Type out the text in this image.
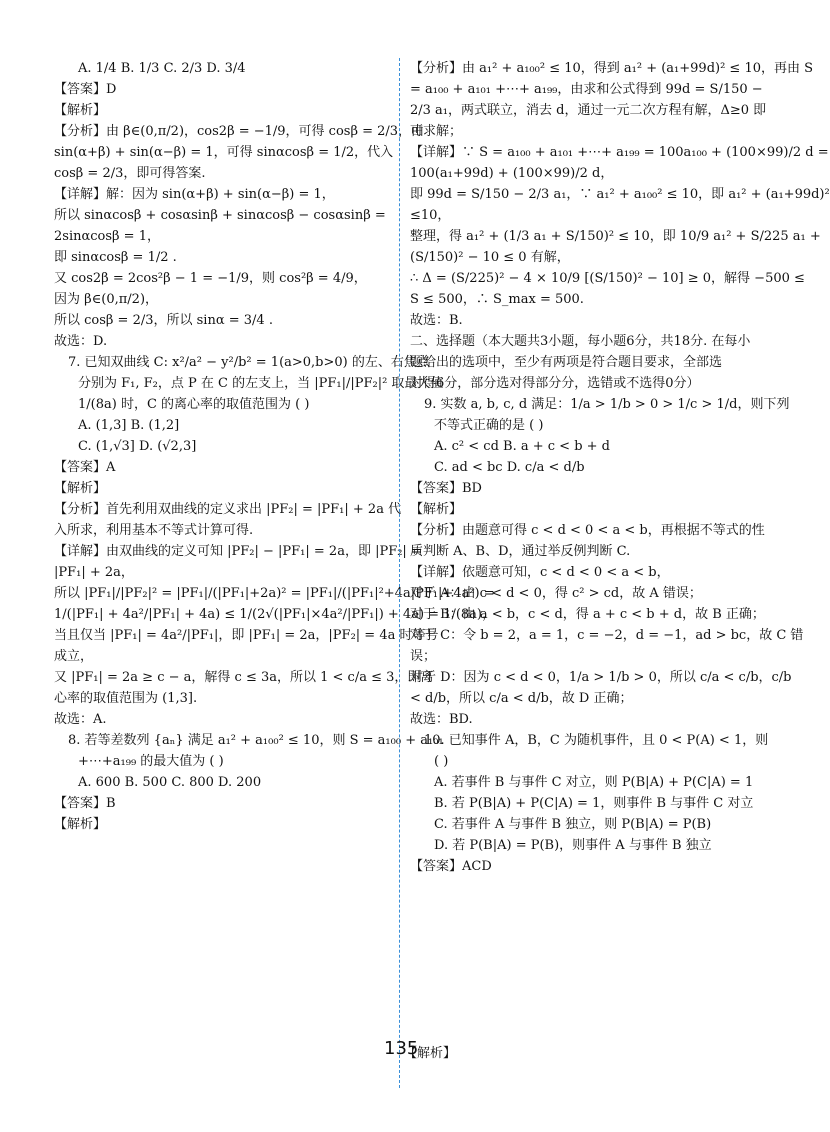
A. 1/4 B. 1/3 C. 2/3 D. 3/4
【答案】D
【解析】
【分析】由 β∈(0,π/2)，cos2β = −1/9，可得 cosβ = 2/3，由
sin(α+β) + sin(α−β) = 1，可得 sinαcosβ = 1/2，代入
cosβ = 2/3，即可得答案.
【详解】解：因为 sin(α+β) + sin(α−β) = 1，
所以 sinαcosβ + cosαsinβ + sinαcosβ − cosαsinβ =
2sinαcosβ = 1，
即 sinαcosβ = 1/2 .
又 cos2β = 2cos²β − 1 = −1/9，则 cos²β = 4/9，
因为 β∈(0,π/2)，
所以 cosβ = 2/3，所以 sinα = 3/4 .
故选：D.
7. 已知双曲线 C: x²/a² − y²/b² = 1(a>0,b>0) 的左、右焦点
分别为 F₁, F₂，点 P 在 C 的左支上，当 |PF₁|/|PF₂|² 取最大值
1/(8a) 时，C 的离心率的取值范围为 ( )
A. (1,3] B. (1,2]
C. (1,√3] D. (√2,3]
【答案】A
【解析】
【分析】首先利用双曲线的定义求出 |PF₂| = |PF₁| + 2a 代
入所求，利用基本不等式计算可得.
【详解】由双曲线的定义可知 |PF₂| − |PF₁| = 2a，即 |PF₂| =
|PF₁| + 2a，
所以 |PF₁|/|PF₂|² = |PF₁|/(|PF₁|+2a)² = |PF₁|/(|PF₁|²+4a|PF₁|+4a²) =
1/(|PF₁| + 4a²/|PF₁| + 4a) ≤ 1/(2√(|PF₁|×4a²/|PF₁|) + 4a) = 1/(8a)，
当且仅当 |PF₁| = 4a²/|PF₁|，即 |PF₁| = 2a，|PF₂| = 4a 时等号
成立，
又 |PF₁| = 2a ≥ c − a，解得 c ≤ 3a，所以 1 < c/a ≤ 3，即离
心率的取值范围为 (1,3].
故选：A.
8. 若等差数列 {aₙ} 满足 a₁² + a₁₀₀² ≤ 10，则 S = a₁₀₀ + a₁₀₁
+⋯+a₁₉₉ 的最大值为 ( )
A. 600 B. 500 C. 800 D. 200
【答案】B
【解析】
【分析】由 a₁² + a₁₀₀² ≤ 10，得到 a₁² + (a₁+99d)² ≤ 10，再由 S
= a₁₀₀ + a₁₀₁ +⋯+ a₁₉₉，由求和公式得到 99d = S/150 −
2/3 a₁，两式联立，消去 d，通过一元二次方程有解，Δ≥0 即
可求解；
【详解】∵ S = a₁₀₀ + a₁₀₁ +⋯+ a₁₉₉ = 100a₁₀₀ + (100×99)/2 d =
100(a₁+99d) + (100×99)/2 d，
即 99d = S/150 − 2/3 a₁，∵ a₁² + a₁₀₀² ≤ 10，即 a₁² + (a₁+99d)²
≤10，
整理，得 a₁² + (1/3 a₁ + S/150)² ≤ 10，即 10/9 a₁² + S/225 a₁ +
(S/150)² − 10 ≤ 0 有解，
∴ Δ = (S/225)² − 4 × 10/9 [(S/150)² − 10] ≥ 0，解得 −500 ≤
S ≤ 500，∴ S_max = 500.
故选：B.
二、选择题（本大题共3小题，每小题6分，共18分. 在每小
题给出的选项中，至少有两项是符合题目要求，全部选
对得6分，部分选对得部分分，选错或不选得0分）
9. 实数 a, b, c, d 满足：1/a > 1/b > 0 > 1/c > 1/d，则下列
不等式正确的是 ( )
A. c² < cd B. a + c < b + d
C. ad < bc D. c/a < d/b
【答案】BD
【解析】
【分析】由题意可得 c < d < 0 < a < b，再根据不等式的性
质判断 A、B、D，通过举反例判断 C.
【详解】依题意可知，c < d < 0 < a < b，
对于 A：由 c < d < 0，得 c² > cd，故 A 错误；
对于 B：由 a < b，c < d，得 a + c < b + d，故 B 正确；
对于 C：令 b = 2，a = 1，c = −2，d = −1，ad > bc，故 C 错
误；
对于 D：因为 c < d < 0，1/a > 1/b > 0，所以 c/a < c/b，c/b
< d/b，所以 c/a < d/b，故 D 正确；
故选：BD.
10. 已知事件 A，B，C 为随机事件，且 0 < P(A) < 1，则
( )
A. 若事件 B 与事件 C 对立，则 P(B|A) + P(C|A) = 1
B. 若 P(B|A) + P(C|A) = 1，则事件 B 与事件 C 对立
C. 若事件 A 与事件 B 独立，则 P(B|A) = P(B)
D. 若 P(B|A) = P(B)，则事件 A 与事件 B 独立
【答案】ACD
135
【解析】
